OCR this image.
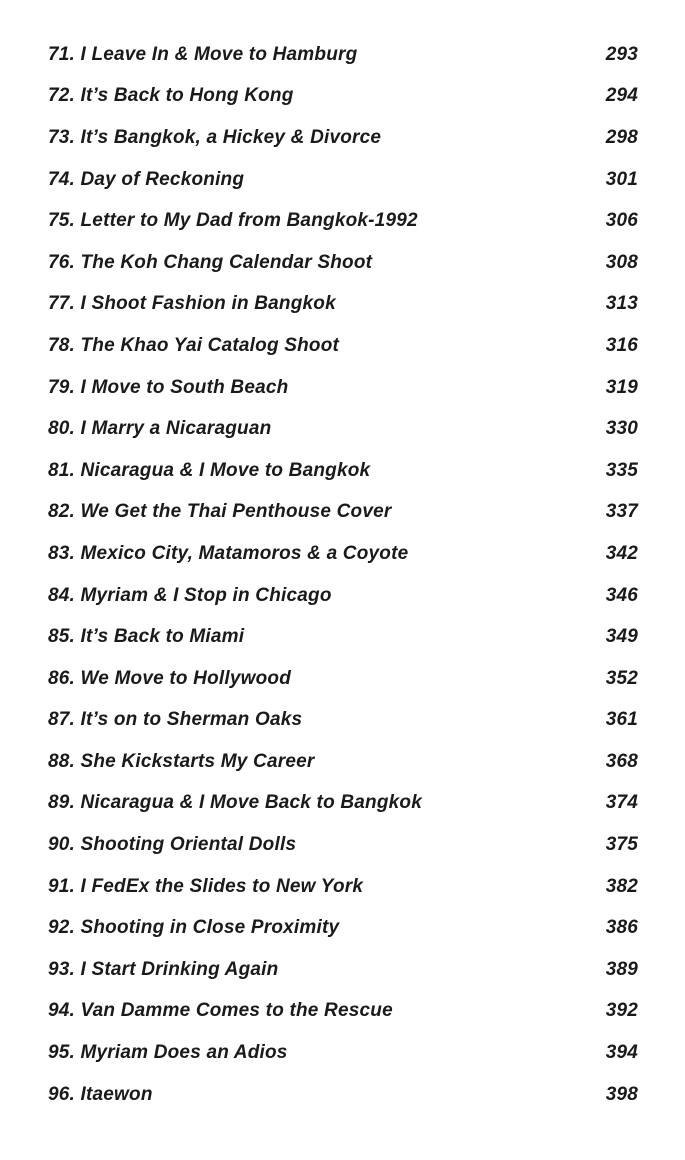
71. I Leave In & Move to Hamburg	293
72. It’s Back to Hong Kong	294
73. It’s Bangkok, a Hickey & Divorce	298
74. Day of Reckoning	301
75. Letter to My Dad from Bangkok-1992	306
76. The Koh Chang Calendar Shoot	308
77. I Shoot Fashion in Bangkok	313
78. The Khao Yai Catalog Shoot	316
79. I Move to South Beach	319
80. I Marry a Nicaraguan	330
81. Nicaragua & I Move to Bangkok	335
82. We Get the Thai Penthouse Cover	337
83. Mexico City, Matamoros & a Coyote	342
84. Myriam & I Stop in Chicago	346
85. It’s Back to Miami	349
86. We Move to Hollywood	352
87. It’s on to Sherman Oaks	361
88. She Kickstarts My Career	368
89. Nicaragua & I Move Back to Bangkok	374
90. Shooting Oriental Dolls	375
91. I FedEx the Slides to New York	382
92. Shooting in Close Proximity	386
93. I Start Drinking Again	389
94. Van Damme Comes to the Rescue	392
95. Myriam Does an Adios	394
96. Itaewon	398
